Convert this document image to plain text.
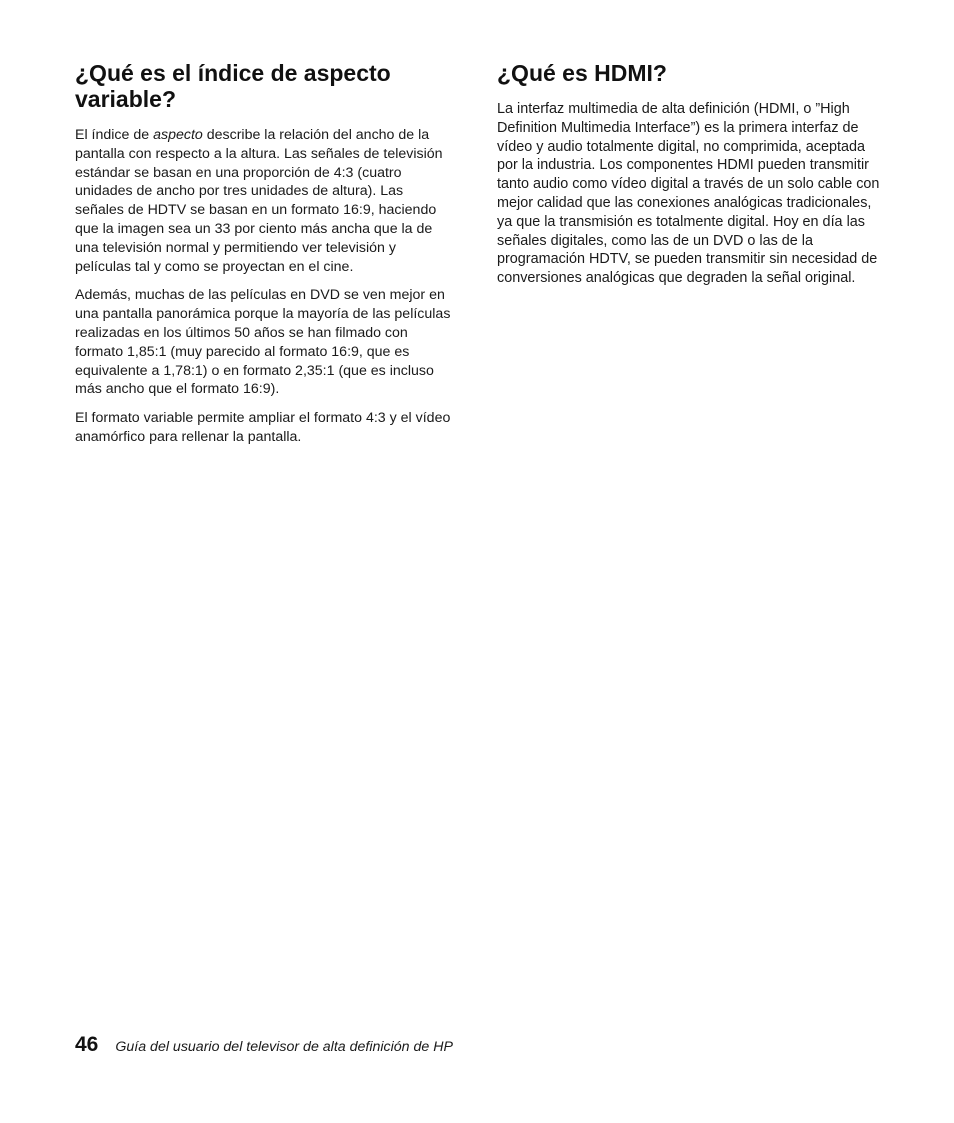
¿Qué es el índice de aspecto variable?

El índice de aspecto describe la relación del ancho de la pantalla con respecto a la altura. Las señales de televisión estándar se basan en una proporción de 4:3 (cuatro unidades de ancho por tres unidades de altura). Las señales de HDTV se basan en un formato 16:9, haciendo que la imagen sea un 33 por ciento más ancha que la de una televisión normal y permitiendo ver televisión y películas tal y como se proyectan en el cine.

Además, muchas de las películas en DVD se ven mejor en una pantalla panorámica porque la mayoría de las películas realizadas en los últimos 50 años se han filmado con formato 1,85:1 (muy parecido al formato 16:9, que es equivalente a 1,78:1) o en formato 2,35:1 (que es incluso más ancho que el formato 16:9).

El formato variable permite ampliar el formato 4:3 y el vídeo anamórfico para rellenar la pantalla.

¿Qué es HDMI?

La interfaz multimedia de alta definición (HDMI, o ”High Definition Multimedia Interface”) es la primera interfaz de vídeo y audio totalmente digital, no comprimida, aceptada por la industria. Los componentes HDMI pueden transmitir tanto audio como vídeo digital a través de un solo cable con mejor calidad que las conexiones analógicas tradicionales, ya que la transmisión es totalmente digital. Hoy en día las señales digitales, como las de un DVD o las de la programación HDTV, se pueden transmitir sin necesidad de conversiones analógicas que degraden la señal original.

46 Guía del usuario del televisor de alta definición de HP
